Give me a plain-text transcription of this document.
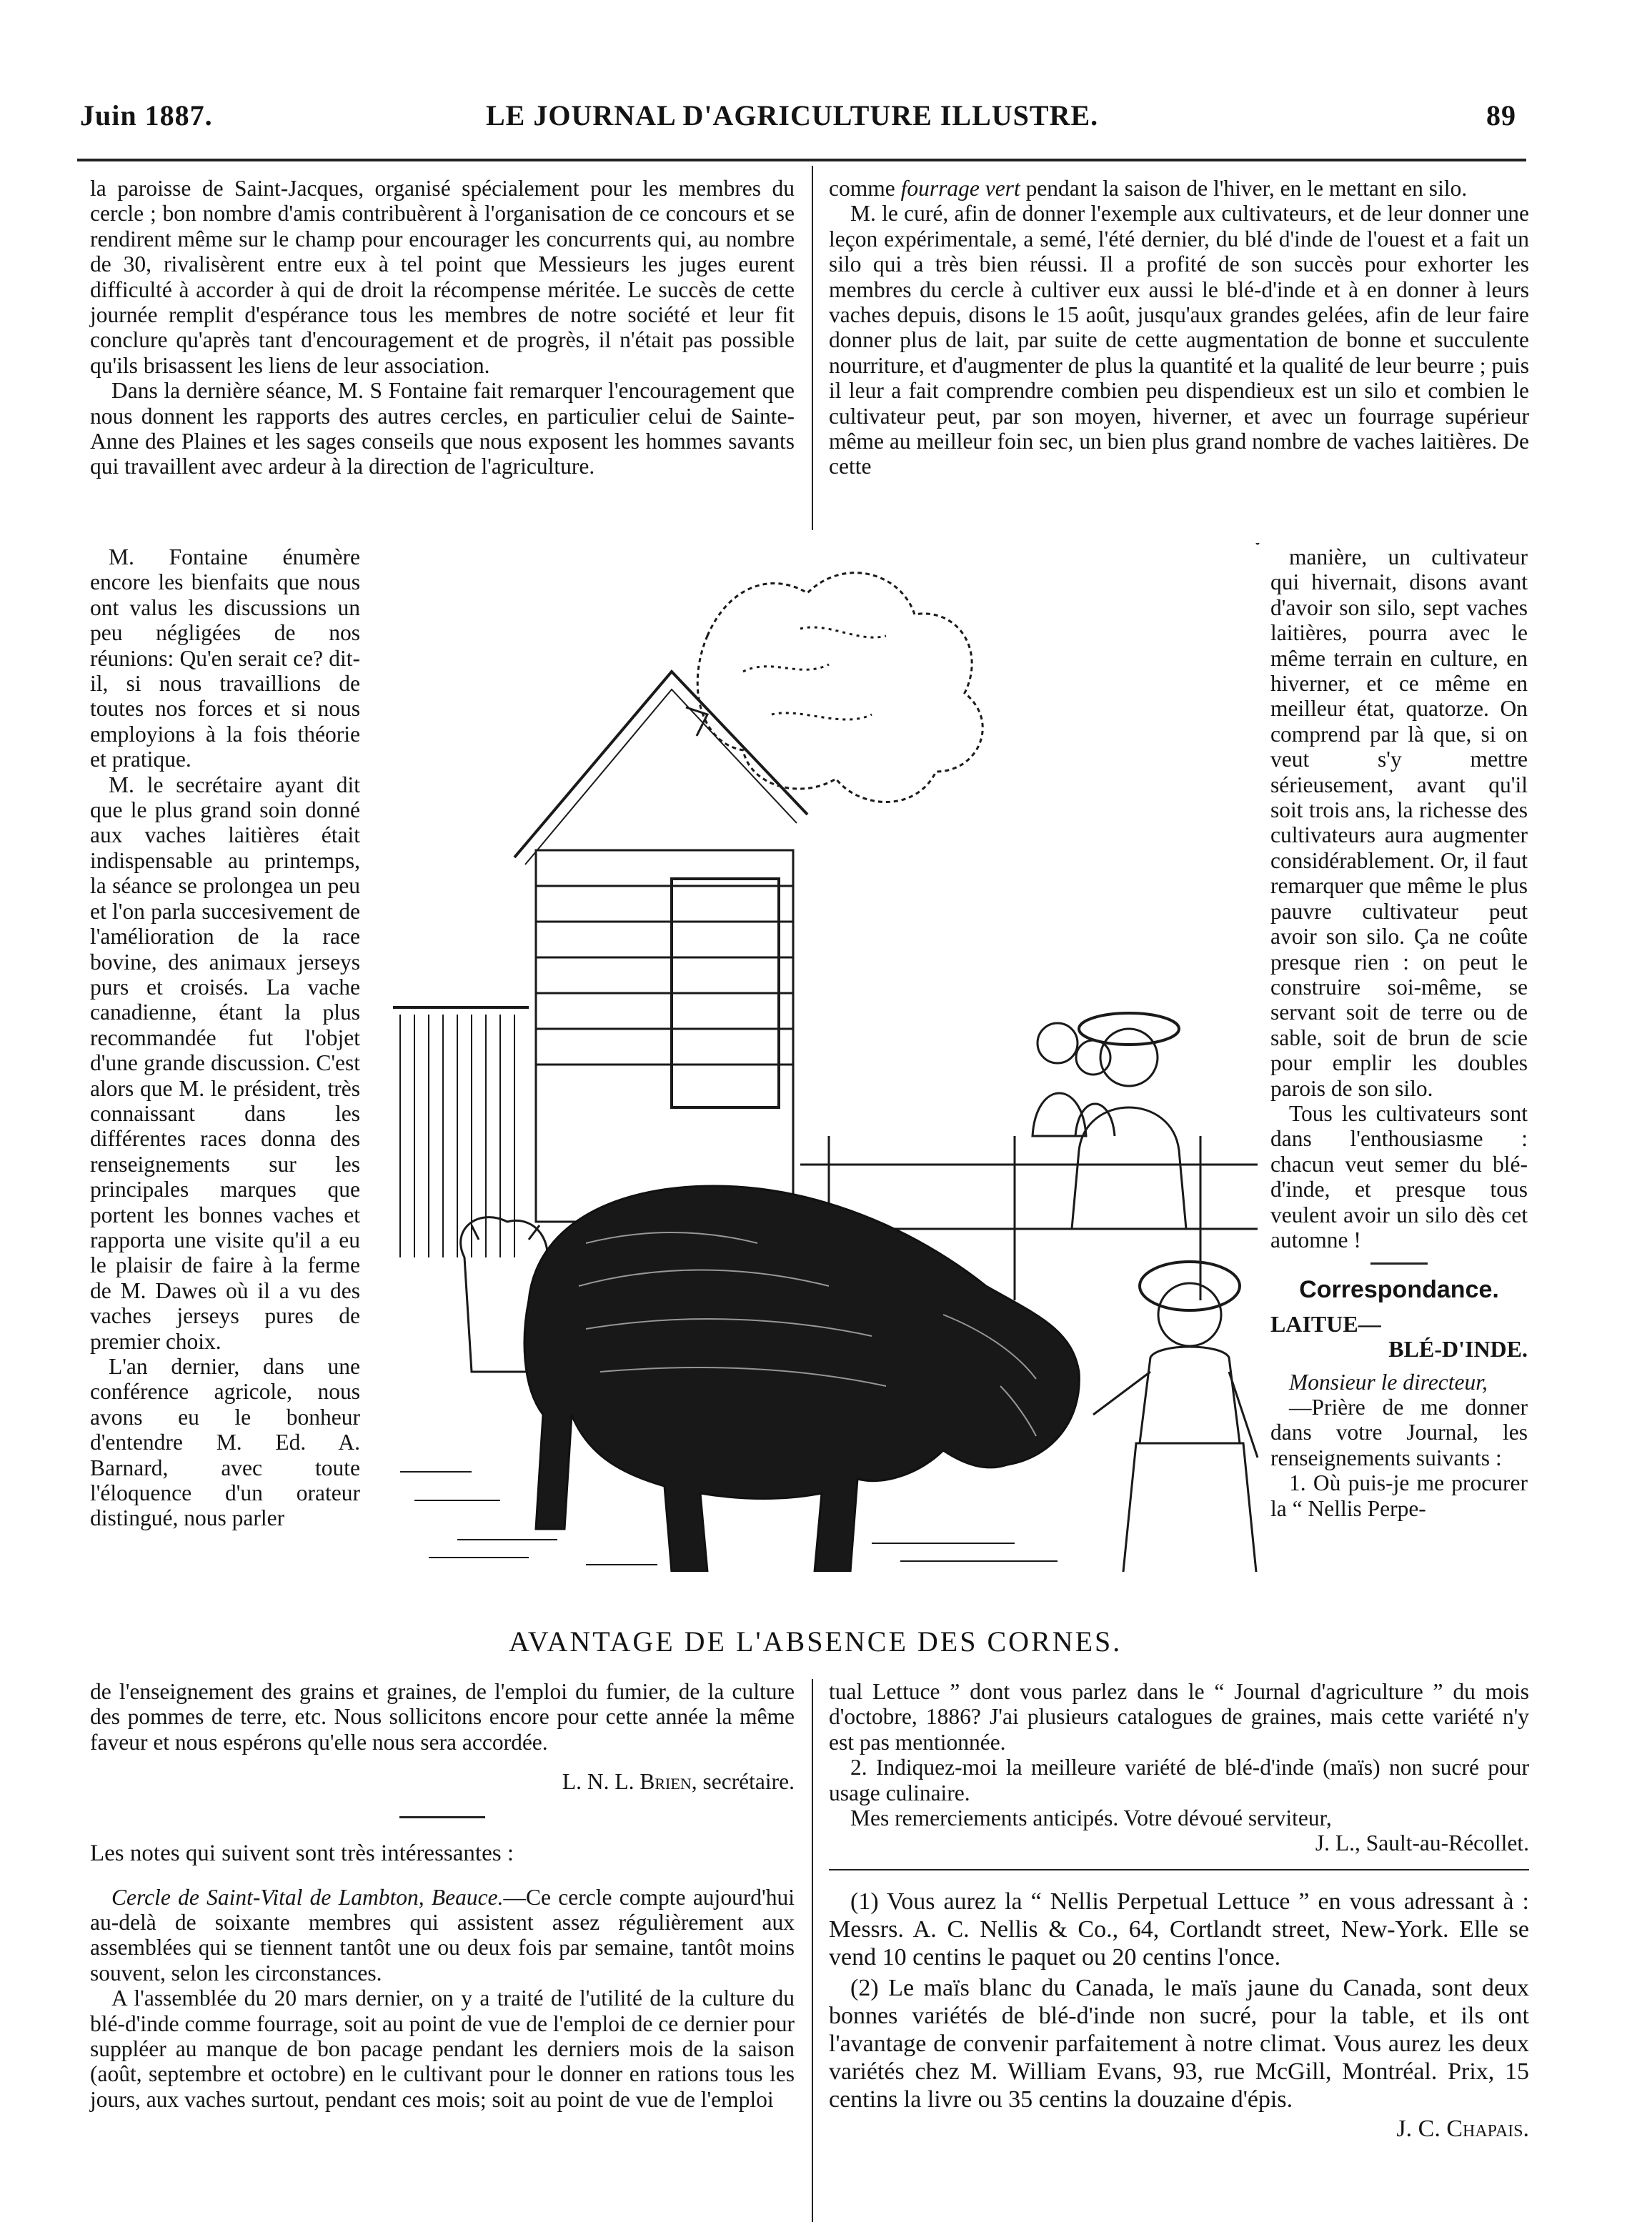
Juin 1887.	LE JOURNAL D'AGRICULTURE ILLUSTRE.	89

la paroisse de Saint-Jacques, organisé spécialement pour les membres du cercle ; bon nombre d'amis contribuèrent à l'organisation de ce concours et se rendirent même sur le champ pour encourager les concurrents qui, au nombre de 30, rivalisèrent entre eux à tel point que Messieurs les juges eurent difficulté à accorder à qui de droit la récompense méritée. Le succès de cette journée remplit d'espérance tous les membres de notre société et leur fit conclure qu'après tant d'encouragement et de progrès, il n'était pas possible qu'ils brisassent les liens de leur association.

Dans la dernière séance, M. S Fontaine fait remarquer l'encouragement que nous donnent les rapports des autres cercles, en particulier celui de Sainte-Anne des Plaines et les sages conseils que nous exposent les hommes savants qui travaillent avec ardeur à la direction de l'agriculture.

M. Fontaine énumère encore les bienfaits que nous ont valus les discussions un peu négligées de nos réunions: Qu'en serait ce? dit-il, si nous travaillions de toutes nos forces et si nous employions à la fois théorie et pratique.

M. le secrétaire ayant dit que le plus grand soin donné aux vaches laitières était indispensable au printemps, la séance se prolongea un peu et l'on parla succesivement de l'amélioration de la race bovine, des animaux jerseys purs et croisés. La vache canadienne, étant la plus recommandée fut l'objet d'une grande discussion. C'est alors que M. le président, très connaissant dans les différentes races donna des renseignements sur les principales marques que portent les bonnes vaches et rapporta une visite qu'il a eu le plaisir de faire à la ferme de M. Dawes où il a vu des vaches jerseys pures de premier choix.

L'an dernier, dans une conférence agricole, nous avons eu le bonheur d'entendre M. Ed. A. Barnard, avec toute l'éloquence d'un orateur distingué, nous parler

comme fourrage vert pendant la saison de l'hiver, en le mettant en silo.

M. le curé, afin de donner l'exemple aux cultivateurs, et de leur donner une leçon expérimentale, a semé, l'été dernier, du blé d'inde de l'ouest et a fait un silo qui a très bien réussi. Il a profité de son succès pour exhorter les membres du cercle à cultiver eux aussi le blé-d'inde et à en donner à leurs vaches depuis, disons le 15 août, jusqu'aux grandes gelées, afin de leur faire donner plus de lait, par suite de cette augmentation de bonne et succulente nourriture, et d'augmenter de plus la quantité et la qualité de leur beurre ; puis il leur a fait comprendre combien peu dispendieux est un silo et combien le cultivateur peut, par son moyen, hiverner, et avec un fourrage supérieur même au meilleur foin sec, un bien plus grand nombre de vaches laitières. De cette

manière, un cultivateur qui hivernait, disons avant d'avoir son silo, sept vaches laitières, pourra avec le même terrain en culture, en hiverner, et ce même en meilleur état, quatorze. On comprend par là que, si on veut s'y mettre sérieusement, avant qu'il soit trois ans, la richesse des cultivateurs aura augmenter considérablement. Or, il faut remarquer que même le plus pauvre cultivateur peut avoir son silo. Ça ne coûte presque rien : on peut le construire soi-même, se servant soit de terre ou de sable, soit de brun de scie pour emplir les doubles parois de son silo.

Tous les cultivateurs sont dans l'enthousiasme : chacun veut semer du blé-d'inde, et presque tous veulent avoir un silo dès cet automne !

Correspondance.
LAITUE—
BLÉ-D'INDE.

Monsieur le directeur,

—Prière de me donner dans votre Journal, les renseignements suivants :

1. Où puis-je me procurer la “ Nellis Perpe-

AVANTAGE DE L'ABSENCE DES CORNES.

de l'enseignement des grains et graines, de l'emploi du fumier, de la culture des pommes de terre, etc. Nous sollicitons encore pour cette année la même faveur et nous espérons qu'elle nous sera accordée.

L. N. L. Brien, secrétaire.
Les notes qui suivent sont très intéressantes :

Cercle de Saint-Vital de Lambton, Beauce.—Ce cercle compte aujourd'hui au-delà de soixante membres qui assistent assez régulièrement aux assemblées qui se tiennent tantôt une ou deux fois par semaine, tantôt moins souvent, selon les circonstances.

A l'assemblée du 20 mars dernier, on y a traité de l'utilité de la culture du blé-d'inde comme fourrage, soit au point de vue de l'emploi de ce dernier pour suppléer au manque de bon pacage pendant les derniers mois de la saison (août, septembre et octobre) en le cultivant pour le donner en rations tous les jours, aux vaches surtout, pendant ces mois; soit au point de vue de l'emploi

tual Lettuce ” dont vous parlez dans le “ Journal d'agriculture ” du mois d'octobre, 1886? J'ai plusieurs catalogues de graines, mais cette variété n'y est pas mentionnée.

2. Indiquez-moi la meilleure variété de blé-d'inde (maïs) non sucré pour usage culinaire.

Mes remerciements anticipés. Votre dévoué serviteur,

J. L., Sault-au-Récollet.

(1) Vous aurez la “ Nellis Perpetual Lettuce ” en vous adressant à : Messrs. A. C. Nellis & Co., 64, Cortlandt street, New-York. Elle se vend 10 centins le paquet ou 20 centins l'once.

(2) Le maïs blanc du Canada, le maïs jaune du Canada, sont deux bonnes variétés de blé-d'inde non sucré, pour la table, et ils ont l'avantage de convenir parfaitement à notre climat. Vous aurez les deux variétés chez M. William Evans, 93, rue McGill, Montréal. Prix, 15 centins la livre ou 35 centins la douzaine d'épis.

J. C. Chapais.
